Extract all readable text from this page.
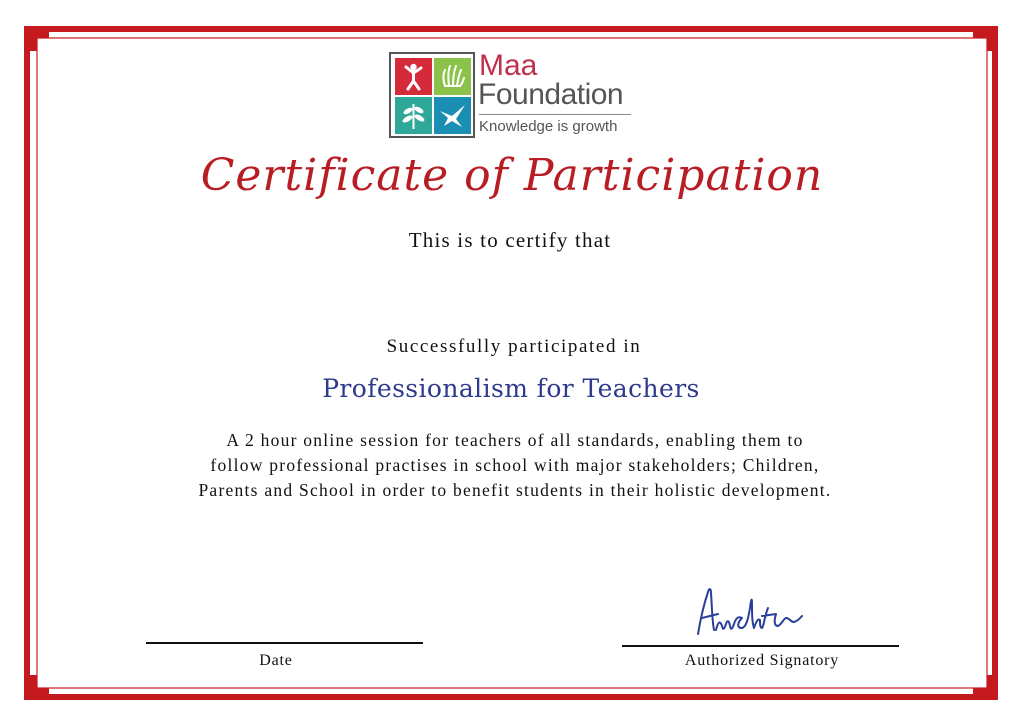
Maa
Foundation
Knowledge is growth
Certificate of Participation
This is to certify that
Successfully participated in
Professionalism for Teachers
A 2 hour online session for teachers of all standards, enabling them to
follow professional practises in school with major stakeholders; Children,
Parents and School in order to benefit students in their holistic development.
Date	Authorized Signatory
